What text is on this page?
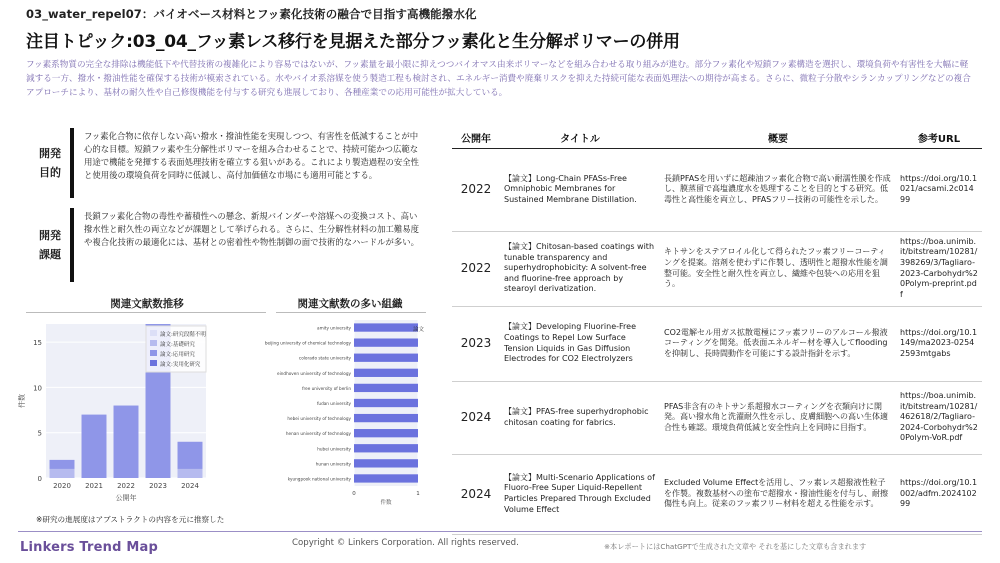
03_water_repel07：バイオベース材料とフッ素化技術の融合で目指す高機能撥水化
注目トピック:03_04_フッ素レス移行を見据えた部分フッ素化と生分解ポリマーの併用
フッ素系物質の完全な排除は機能低下や代替技術の複雑化により容易ではないが、フッ素量を最小限に抑えつつバイオマス由来ポリマーなどを組み合わせる取り組みが進む。部分フッ素化や短鎖フッ素構造を選択し、環境負荷や有害性を大幅に軽減する一方、撥水・撥油性能を確保する技術が模索されている。水やバイオ系溶媒を使う製造工程も検討され、エネルギー消費や廃棄リスクを抑えた持続可能な表面処理法への期待が高まる。さらに、微粒子分散やシランカップリングなどの複合アプローチにより、基材の耐久性や自己修復機能を付与する研究も進展しており、各種産業での応用可能性が拡大している。
開発
目的
フッ素化合物に依存しない高い撥水・撥油性能を実現しつつ、有害性を低減することが中心的な目標。短鎖フッ素や生分解性ポリマーを組み合わせることで、持続可能かつ広範な用途で機能を発揮する表面処理技術を確立する狙いがある。これにより製造過程の安全性と使用後の環境負荷を同時に低減し、高付加価値な市場にも適用可能とする。
開発
課題
長鎖フッ素化合物の毒性や蓄積性への懸念、新規バインダーや溶媒への変換コスト、高い撥水性と耐久性の両立などが課題として挙げられる。さらに、生分解性材料の加工難易度や複合化技術の最適化には、基材との密着性や物性制御の面で技術的なハードルが多い。
関連文献数推移	関連文献数の多い組織
0
5
10
15
2020 2021 2022 2023 2024
公開年
件数
論文:研究段階不明
論文:基礎研究
論文:応用研究
論文:実用化研究
0	1
amity university
beijing university of chemical technology
colorado state university
eindhoven university of technology
free university of berlin
fudan university
hebei university of technology
henan university of technology
hubei university
hunan university
kyungpook national university
件数
論文
※研究の進展度はアブストラクトの内容を元に推察した
公開年	タイトル	概要	参考URL
2022	【論文】Long-Chain PFASs-Free Omniphobic Membranes for Sustained Membrane Distillation.	長鎖PFASを用いずに超疎油フッ素化合物で高い耐濡性膜を作成し、膜蒸留で高塩濃度水を処理することを目的とする研究。低毒性と高性能を両立し、PFASフリー技術の可能性を示した。	https://doi.org/10.1021/acsami.2c01499
2022	【論文】Chitosan-based coatings with tunable transparency and superhydrophobicity: A solvent-free and fluorine-free approach by stearoyl derivatization.	キトサンをステアロイル化して得られたフッ素フリーコーティングを提案。溶剤を使わずに作製し、透明性と超撥水性能を調整可能。安全性と耐久性を両立し、繊維や包装への応用を狙う。	https://boa.unimib.it/bitstream/10281/398269/3/Tagliaro-2023-Carbohydr%20Polym-preprint.pdf
2023	【論文】Developing Fluorine-Free Coatings to Repel Low Surface Tension Liquids in Gas Diffusion Electrodes for CO2 Electrolyzers	CO2電解セル用ガス拡散電極にフッ素フリーのアルコール撥液コーティングを開発。低表面エネルギー材を導入してfloodingを抑制し、長時間動作を可能にする設計指針を示す。	https://doi.org/10.1149/ma2023-02542593mtgabs
2024	【論文】PFAS-free superhydrophobic chitosan coating for fabrics.	PFAS非含有のキトサン系超撥水コーティングを衣類向けに開発。高い撥水角と洗濯耐久性を示し、皮膚細胞への高い生体適合性も確認。環境負荷低減と安全性向上を同時に目指す。	https://boa.unimib.it/bitstream/10281/462618/2/Tagliaro-2024-Corbohydr%20Polym-VoR.pdf
2024	【論文】Multi-Scenario Applications of Fluoro-Free Super Liquid-Repellent Particles Prepared Through Excluded Volume Effect	Excluded Volume Effectを活用し、フッ素レス超撥液性粒子を作製。複数基材への塗布で超撥水・撥油性能を付与し、耐擦傷性も向上。従来のフッ素フリー材料を超える性能を示す。	https://doi.org/10.1002/adfm.202410299
Linkers Trend Map	Copyright © Linkers Corporation. All rights reserved.	※本レポートにはChatGPTで生成された文章や それを基にした文章も含まれます
